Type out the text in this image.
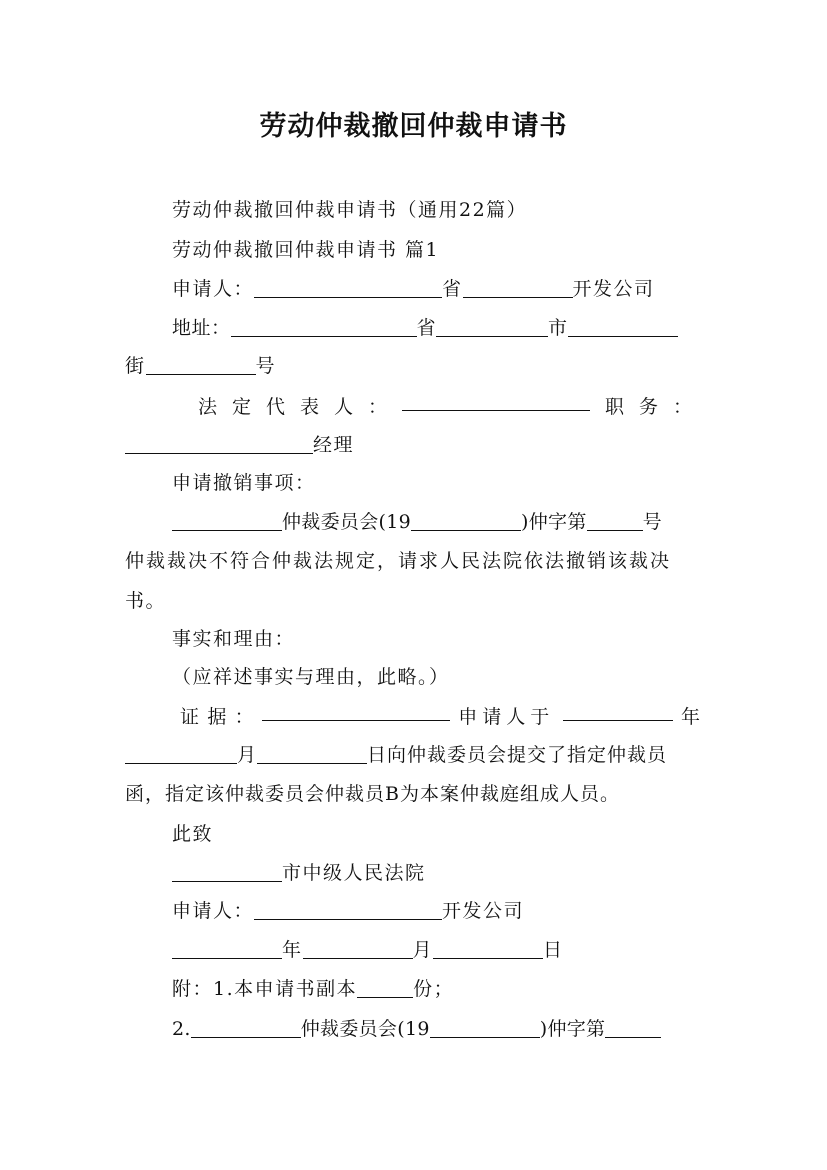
劳动仲裁撤回仲裁申请书
劳动仲裁撤回仲裁申请书（通用22篇）
劳动仲裁撤回仲裁申请书 篇1
申请人：	省	开发公司
地址：	省	市
街	号
法 定 代 表 人 ：	职 务 ：
经理
申请撤销事项：
仲裁委员会(19	)仲字第	号
仲裁裁决不符合仲裁法规定，请求人民法院依法撤销该裁决
书。
事实和理由：
（应祥述事实与理由，此略。）
证 据 ：	申请人于	年
月	日向仲裁委员会提交了指定仲裁员
函，指定该仲裁委员会仲裁员B为本案仲裁庭组成人员。
此致
市中级人民法院
申请人：	开发公司
年	月	日
附：1.本申请书副本	份；
2.	仲裁委员会(19	)仲字第
